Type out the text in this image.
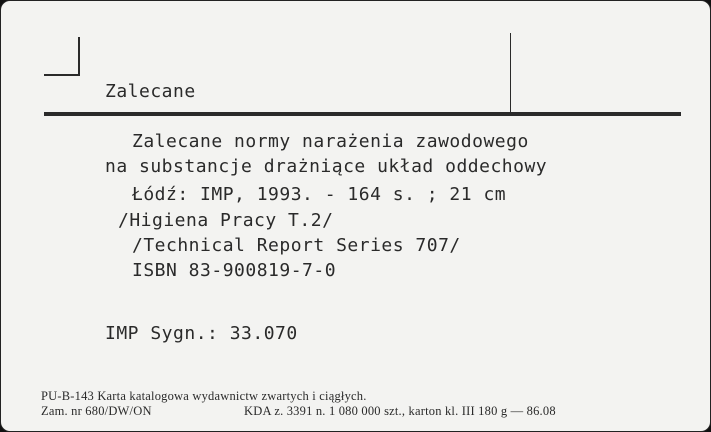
Zalecane
Zalecane normy narażenia zawodowego
na substancje drażniące układ oddechowy
Łódź: IMP, 1993. - 164 s. ; 21 cm
/Higiena Pracy T.2/
/Technical Report Series 707/
ISBN 83-900819-7-0
IMP Sygn.: 33.070
PU-B-143 Karta katalogowa wydawnictw zwartych i ciągłych.
Zam. nr 680/DW/ON	KDA z. 3391 n. 1 080 000 szt., karton kl. III 180 g — 86.08
